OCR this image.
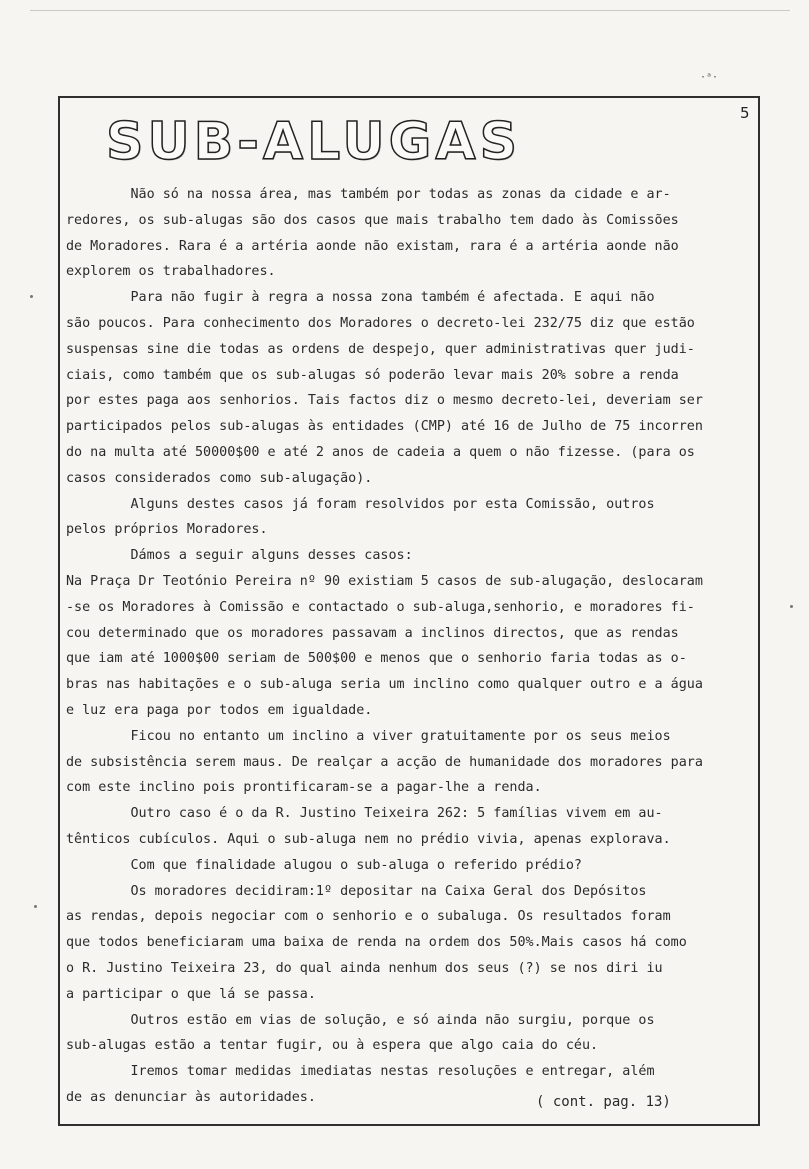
·ᵃ·
5
SUB-ALUGAS
Não só na nossa área, mas também por todas as zonas da cidade e ar-
redores, os sub-alugas são dos casos que mais trabalho tem dado às Comissões
de Moradores. Rara é a artéria aonde não existam, rara é a artéria aonde não
explorem os trabalhadores.
Para não fugir à regra a nossa zona também é afectada. E aqui não
são poucos. Para conhecimento dos Moradores o decreto-lei 232/75 diz que estão
suspensas sine die todas as ordens de despejo, quer administrativas quer judi-
ciais, como também que os sub-alugas só poderão levar mais 20% sobre a renda
por estes paga aos senhorios. Tais factos diz o mesmo decreto-lei, deveriam ser
participados pelos sub-alugas às entidades (CMP) até 16 de Julho de 75 incorren
do na multa até 50000$00 e até 2 anos de cadeia a quem o não fizesse. (para os
casos considerados como sub-alugação).
Alguns destes casos já foram resolvidos por esta Comissão, outros
pelos próprios Moradores.
Dámos a seguir alguns desses casos:
Na Praça Dr Teotónio Pereira nº 90 existiam 5 casos de sub-alugação, deslocaram
-se os Moradores à Comissão e contactado o sub-aluga,senhorio, e moradores fi-
cou determinado que os moradores passavam a inclinos directos, que as rendas
que iam até 1000$00 seriam de 500$00 e menos que o senhorio faria todas as o-
bras nas habitações e o sub-aluga seria um inclino como qualquer outro e a água
e luz era paga por todos em igualdade.
Ficou no entanto um inclino a viver gratuitamente por os seus meios
de subsistência serem maus. De realçar a acção de humanidade dos moradores para
com este inclino pois prontificaram-se a pagar-lhe a renda.
Outro caso é o da R. Justino Teixeira 262: 5 famílias vivem em au-
tênticos cubículos. Aqui o sub-aluga nem no prédio vivia, apenas explorava.
Com que finalidade alugou o sub-aluga o referido prédio?
Os moradores decidiram:1º depositar na Caixa Geral dos Depósitos
as rendas, depois negociar com o senhorio e o subaluga. Os resultados foram
que todos beneficiaram uma baixa de renda na ordem dos 50%.Mais casos há como
o R. Justino Teixeira 23, do qual ainda nenhum dos seus (?) se nos diri iu
a participar o que lá se passa.
Outros estão em vias de solução, e só ainda não surgiu, porque os
sub-alugas estão a tentar fugir, ou à espera que algo caia do céu.
Iremos tomar medidas imediatas nestas resoluções e entregar, além
de as denunciar às autoridades.	( cont. pag. 13)
